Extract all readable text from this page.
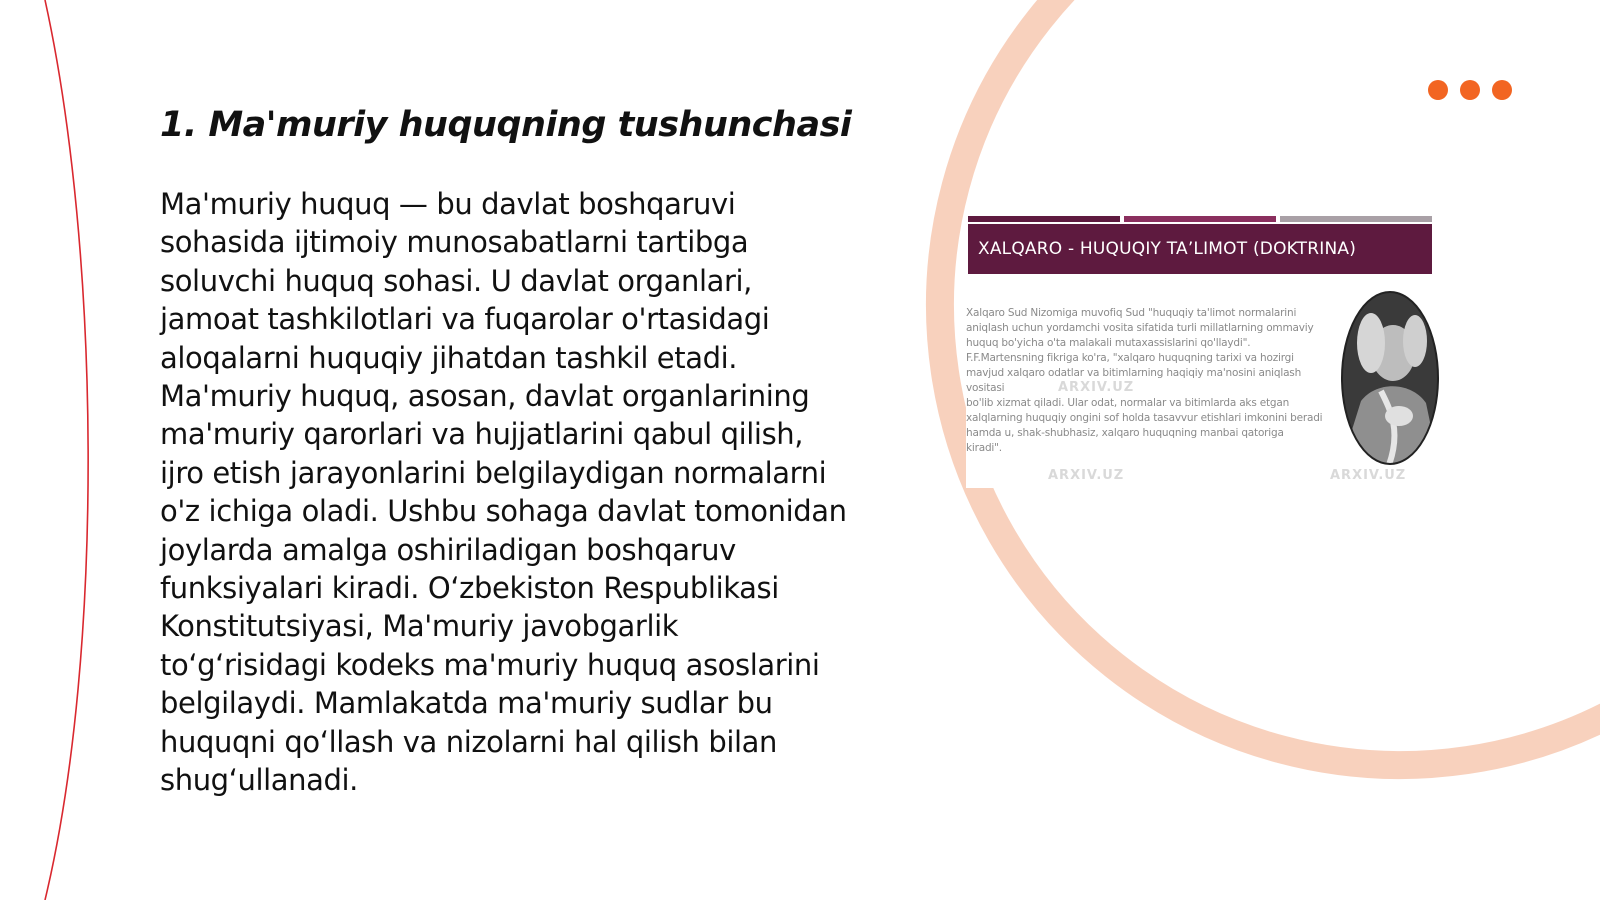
1. Ma'muriy huquqning tushunchasi

Ma'muriy huquq — bu davlat boshqaruvi sohasida ijtimoiy munosabatlarni tartibga soluvchi huquq sohasi. U davlat organlari, jamoat tashkilotlari va fuqarolar o'rtasidagi aloqalarni huquqiy jihatdan tashkil etadi. Ma'muriy huquq, asosan, davlat organlarining ma'muriy qarorlari va hujjatlarini qabul qilish, ijro etish jarayonlarini belgilaydigan normalarni o'z ichiga oladi. Ushbu sohaga davlat tomonidan joylarda amalga oshiriladigan boshqaruv funksiyalari kiradi. O‘zbekiston Respublikasi Konstitutsiyasi, Ma'muriy javobgarlik to‘g‘risidagi kodeks ma'muriy huquq asoslarini belgilaydi. Mamlakatda ma'muriy sudlar bu huquqni qo‘llash va nizolarni hal qilish bilan shug‘ullanadi.

XALQARO - HUQUQIY TA’LIMOT (DOKTRINA)

Xalqaro Sud Nizomiga muvofiq Sud "huquqiy ta'limot normalarini

aniqlash uchun yordamchi vosita sifatida turli millatlarning ommaviy

huquq bo'yicha o'ta malakali mutaxassislarini qo'llaydi".

F.F.Martensning fikriga ko'ra, "xalqaro huquqning tarixi va hozirgi

mavjud xalqaro odatlar va bitimlarning haqiqiy ma'nosini aniqlash

vositasi

bo'lib xizmat qiladi. Ular odat, normalar va bitimlarda aks etgan

xalqlarning huquqiy ongini sof holda tasavvur etishlari imkonini beradi

hamda u, shak-shubhasiz, xalqaro huquqning manbai qatoriga

kiradi".

ARXIV.UZ
ARXIV.UZ	ARXIV.UZ
